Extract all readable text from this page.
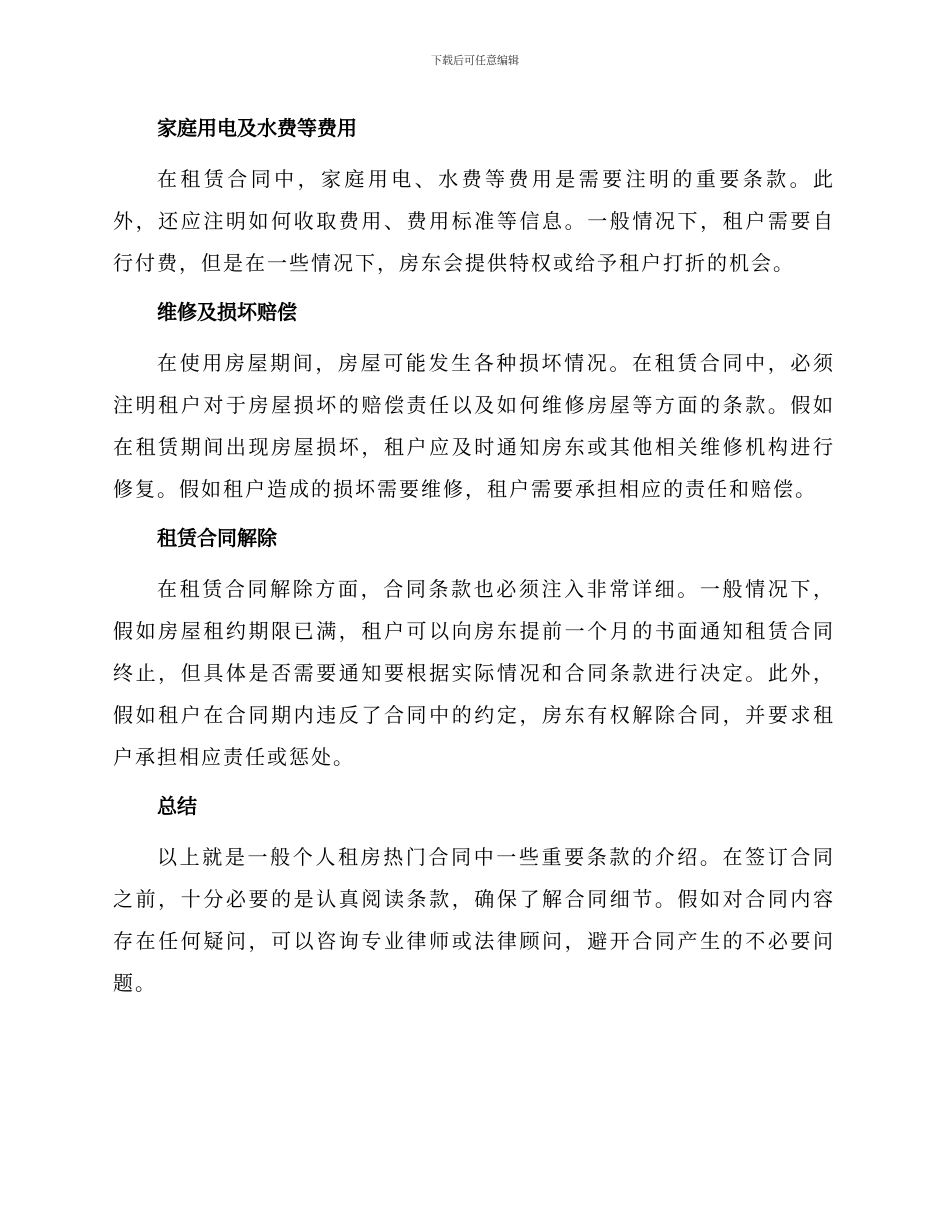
下载后可任意编辑
家庭用电及水费等费用

在租赁合同中，家庭用电、水费等费用是需要注明的重要条款。此外，还应注明如何收取费用、费用标准等信息。一般情况下，租户需要自行付费，但是在一些情况下，房东会提供特权或给予租户打折的机会。

维修及损坏赔偿

在使用房屋期间，房屋可能发生各种损坏情况。在租赁合同中，必须注明租户对于房屋损坏的赔偿责任以及如何维修房屋等方面的条款。假如在租赁期间出现房屋损坏，租户应及时通知房东或其他相关维修机构进行修复。假如租户造成的损坏需要维修，租户需要承担相应的责任和赔偿。

租赁合同解除

在租赁合同解除方面，合同条款也必须注入非常详细。一般情况下，假如房屋租约期限已满，租户可以向房东提前一个月的书面通知租赁合同终止，但具体是否需要通知要根据实际情况和合同条款进行决定。此外，假如租户在合同期内违反了合同中的约定，房东有权解除合同，并要求租户承担相应责任或惩处。

总结

以上就是一般个人租房热门合同中一些重要条款的介绍。在签订合同之前，十分必要的是认真阅读条款，确保了解合同细节。假如对合同内容存在任何疑问，可以咨询专业律师或法律顾问，避开合同产生的不必要问题。
